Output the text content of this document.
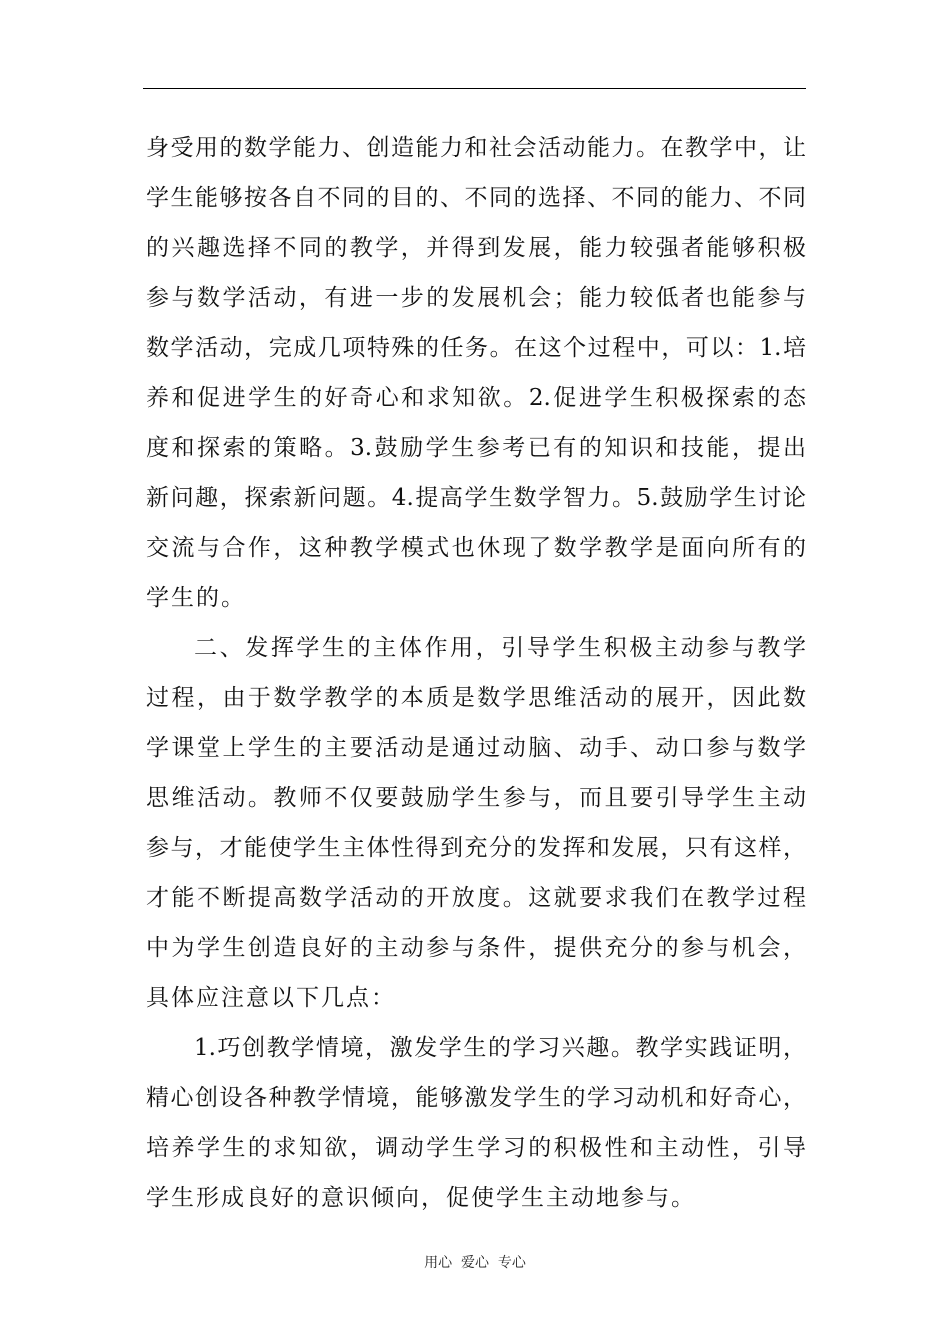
身受用的数学能力、创造能力和社会活动能力。在教学中，让
学生能够按各自不同的目的、不同的选择、不同的能力、不同
的兴趣选择不同的教学，并得到发展，能力较强者能够积极
参与数学活动，有进一步的发展机会；能力较低者也能参与
数学活动，完成几项特殊的任务。在这个过程中，可以：1.培
养和促进学生的好奇心和求知欲。2.促进学生积极探索的态
度和探索的策略。3.鼓励学生参考已有的知识和技能，提出
新问趣，探索新问题。4.提高学生数学智力。5.鼓励学生讨论
交流与合作，这种教学模式也休现了数学教学是面向所有的
学生的。
二、发挥学生的主体作用，引导学生积极主动参与教学
过程，由于数学教学的本质是数学思维活动的展开，因此数
学课堂上学生的主要活动是通过动脑、动手、动口参与数学
思维活动。教师不仅要鼓励学生参与，而且要引导学生主动
参与，才能使学生主体性得到充分的发挥和发展，只有这样，
才能不断提高数学活动的开放度。这就要求我们在教学过程
中为学生创造良好的主动参与条件，提供充分的参与机会，
具体应注意以下几点：
1.巧创教学情境，激发学生的学习兴趣。教学实践证明，
精心创设各种教学情境，能够激发学生的学习动机和好奇心，
培养学生的求知欲，调动学生学习的积极性和主动性，引导
学生形成良好的意识倾向，促使学生主动地参与。
用心  爱心  专心
